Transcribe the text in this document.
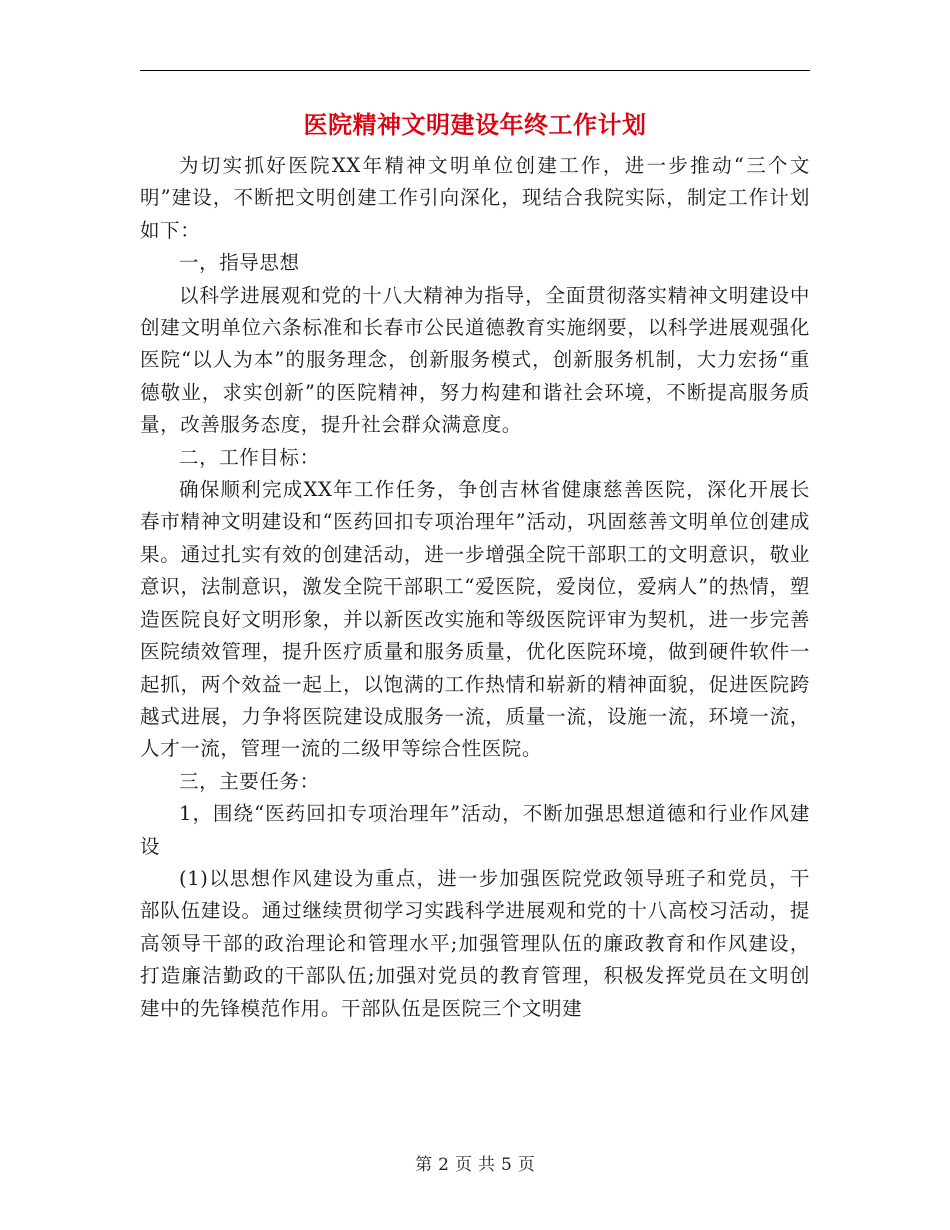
医院精神文明建设年终工作计划

为切实抓好医院XX年精神文明单位创建工作，进一步推动“三个文明”建设，不断把文明创建工作引向深化，现结合我院实际，制定工作计划如下：

一，指导思想

以科学进展观和党的十八大精神为指导，全面贯彻落实精神文明建设中创建文明单位六条标准和长春市公民道德教育实施纲要，以科学进展观强化医院“以人为本”的服务理念，创新服务模式，创新服务机制，大力宏扬“重德敬业，求实创新”的医院精神，努力构建和谐社会环境，不断提高服务质量，改善服务态度，提升社会群众满意度。

二，工作目标：

确保顺利完成XX年工作任务，争创吉林省健康慈善医院，深化开展长春市精神文明建设和“医药回扣专项治理年”活动，巩固慈善文明单位创建成果。通过扎实有效的创建活动，进一步增强全院干部职工的文明意识，敬业意识，法制意识，激发全院干部职工“爱医院，爱岗位，爱病人”的热情，塑造医院良好文明形象，并以新医改实施和等级医院评审为契机，进一步完善医院绩效管理，提升医疗质量和服务质量，优化医院环境，做到硬件软件一起抓，两个效益一起上，以饱满的工作热情和崭新的精神面貌，促进医院跨越式进展，力争将医院建设成服务一流，质量一流，设施一流，环境一流，人才一流，管理一流的二级甲等综合性医院。

三，主要任务：

1，围绕“医药回扣专项治理年”活动，不断加强思想道德和行业作风建设

(1)以思想作风建设为重点，进一步加强医院党政领导班子和党员，干部队伍建设。通过继续贯彻学习实践科学进展观和党的十八高校习活动，提高领导干部的政治理论和管理水平;加强管理队伍的廉政教育和作风建设，打造廉洁勤政的干部队伍;加强对党员的教育管理，积极发挥党员在文明创建中的先锋模范作用。干部队伍是医院三个文明建

第 2 页 共 5 页
